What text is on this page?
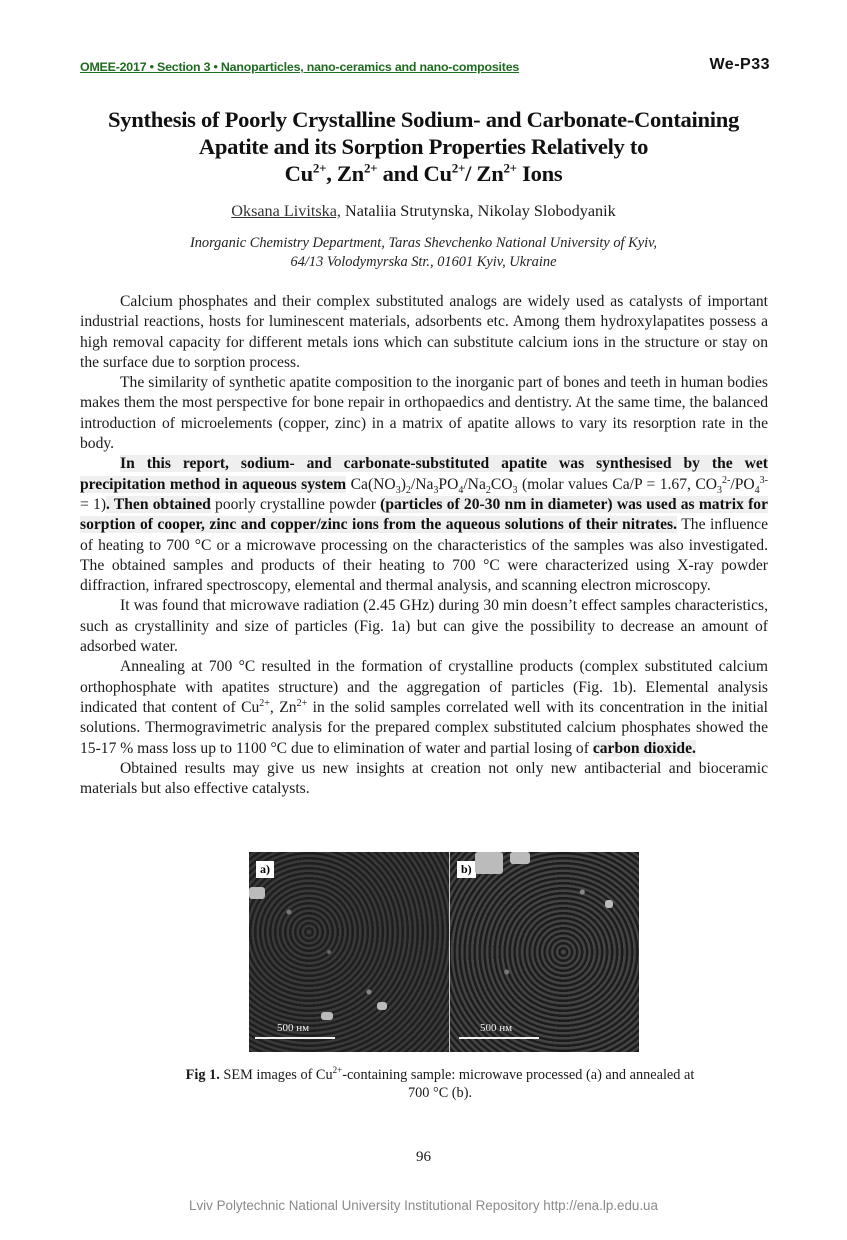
OMEE-2017 • Section 3 • Nanoparticles, nano-ceramics and nano-composites	We-P33
Synthesis of Poorly Crystalline Sodium- and Carbonate-Containing
Apatite and its Sorption Properties Relatively to
$Cu^{2+}$, $Zn^{2+}$ and $Cu^{2+}/$ $Zn^{2+}$ Ions
Oksana Livitska, Nataliia Strutynska, Nikolay Slobodyanik
Inorganic Chemistry Department, Taras Shevchenko National University of Kyiv,
64/13 Volodymyrska Str., 01601 Kyiv, Ukraine

Calcium phosphates and their complex substituted analogs are widely used as catalysts of important industrial reactions, hosts for luminescent materials, adsorbents etc. Among them hydroxylapatites possess a high removal capacity for different metals ions which can substitute calcium ions in the structure or stay on the surface due to sorption process.

The similarity of synthetic apatite composition to the inorganic part of bones and teeth in human bodies makes them the most perspective for bone repair in orthopaedics and dentistry. At the same time, the balanced introduction of microelements (copper, zinc) in a matrix of apatite allows to vary its resorption rate in the body.

In this report, sodium- and carbonate-substituted apatite was synthesised by the wet precipitation method in aqueous system $Ca(NO_3)_2/Na_3PO_4/Na_2CO_3$ (molar values Ca/P = 1.67, $CO_3^{2-}/PO_4^{3-} = 1$). Then obtained poorly crystalline powder (particles of 20-30 nm in diameter) was used as matrix for sorption of cooper, zinc and copper/zinc ions from the aqueous solutions of their nitrates. The influence of heating to 700 °C or a microwave processing on the characteristics of the samples was also investigated. The obtained samples and products of their heating to 700 °C were characterized using X-ray powder diffraction, infrared spectroscopy, elemental and thermal analysis, and scanning electron microscopy.

It was found that microwave radiation (2.45 GHz) during 30 min doesn’t effect samples characteristics, such as crystallinity and size of particles (Fig. 1a) but can give the possibility to decrease an amount of adsorbed water.

Annealing at 700 °C resulted in the formation of crystalline products (complex substituted calcium orthophosphate with apatites structure) and the aggregation of particles (Fig. 1b). Elemental analysis indicated that content of $Cu^{2+}$, $Zn^{2+}$ in the solid samples correlated well with its concentration in the initial solutions. Thermogravimetric analysis for the prepared complex substituted calcium phosphates showed the 15-17 % mass loss up to 1100 °C due to elimination of water and partial losing of carbon dioxide.

Obtained results may give us new insights at creation not only new antibacterial and bioceramic materials but also effective catalysts.

a)
500 нм
b)
500 нм
Fig 1. SEM images of $Cu^{2+}$-containing sample: microwave processed (a) and annealed at 700 °C (b).
96
Lviv Polytechnic National University Institutional Repository http://ena.lp.edu.ua
